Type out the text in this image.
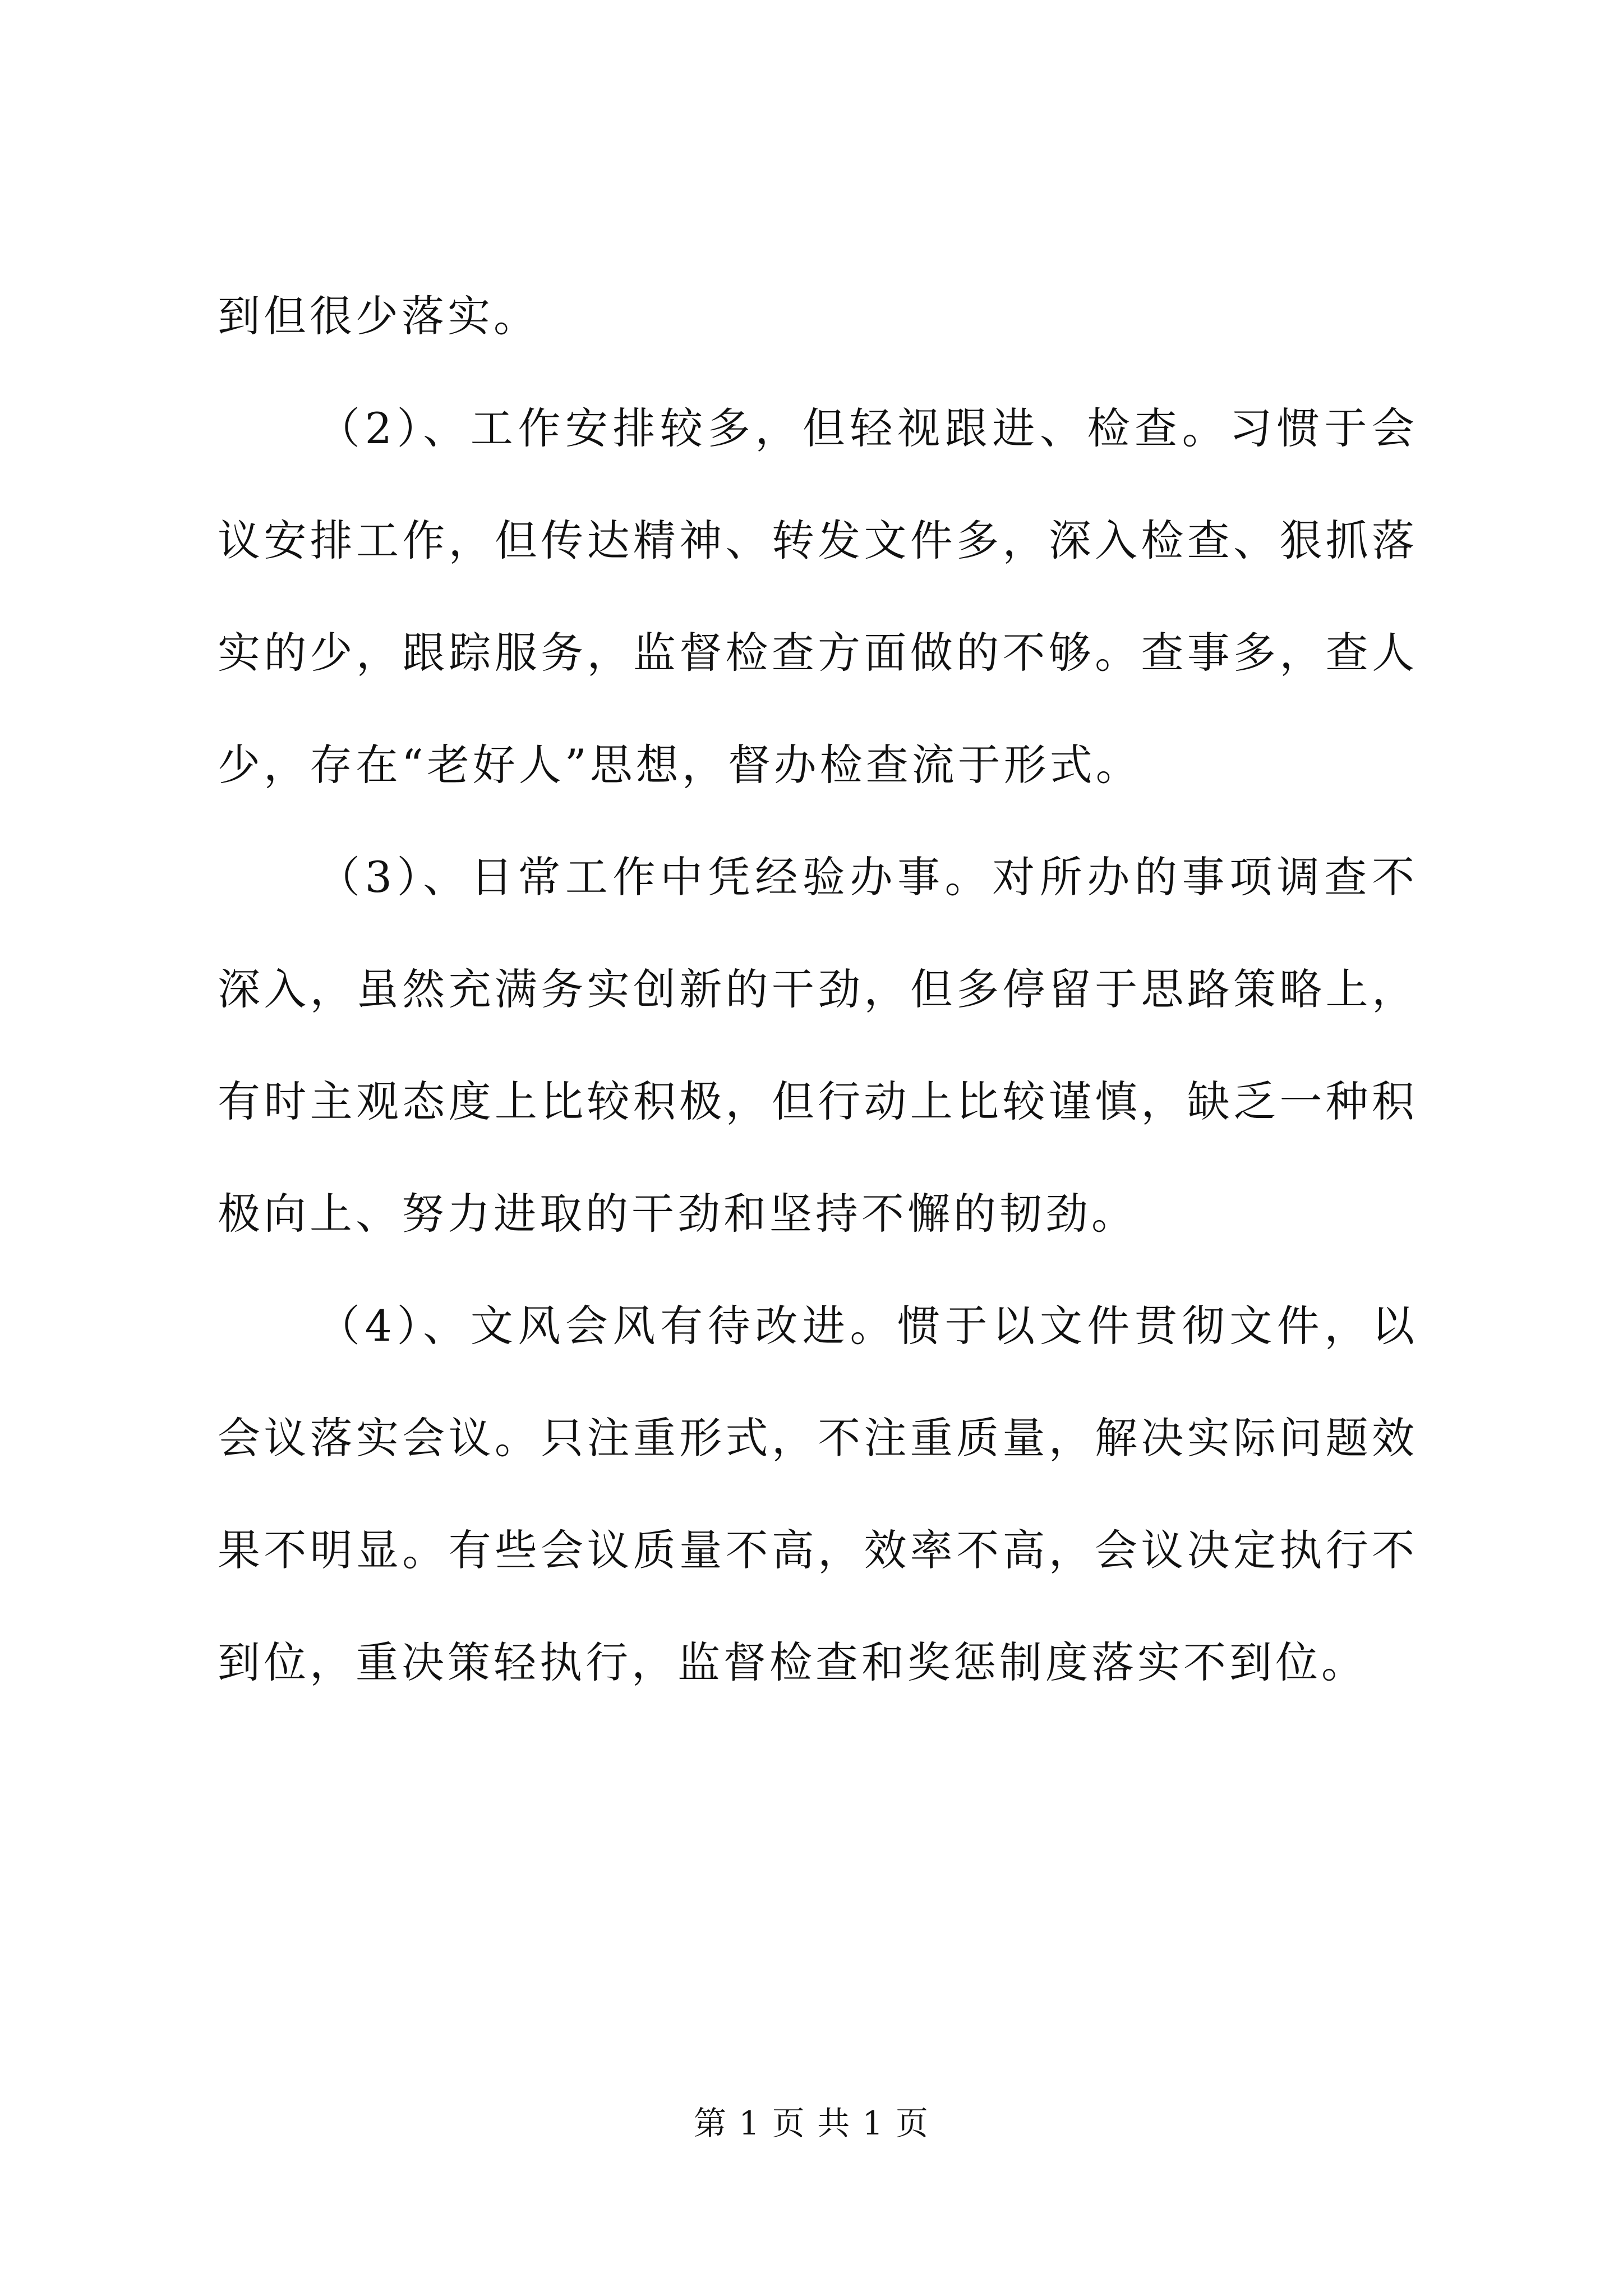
到但很少落实。

（2）、工作安排较多，但轻视跟进、检查。习惯于会议安排工作，但传达精神、转发文件多，深入检查、狠抓落实的少，跟踪服务，监督检查方面做的不够。查事多，查人少，存在“老好人”思想，督办检查流于形式。

（3）、日常工作中凭经验办事。对所办的事项调查不深入，虽然充满务实创新的干劲，但多停留于思路策略上，有时主观态度上比较积极，但行动上比较谨慎，缺乏一种积极向上、努力进取的干劲和坚持不懈的韧劲。

（4）、文风会风有待改进。惯于以文件贯彻文件，以会议落实会议。只注重形式，不注重质量，解决实际问题效果不明显。有些会议质量不高，效率不高，会议决定执行不到位，重决策轻执行，监督检查和奖惩制度落实不到位。

第 1 页 共 1 页
